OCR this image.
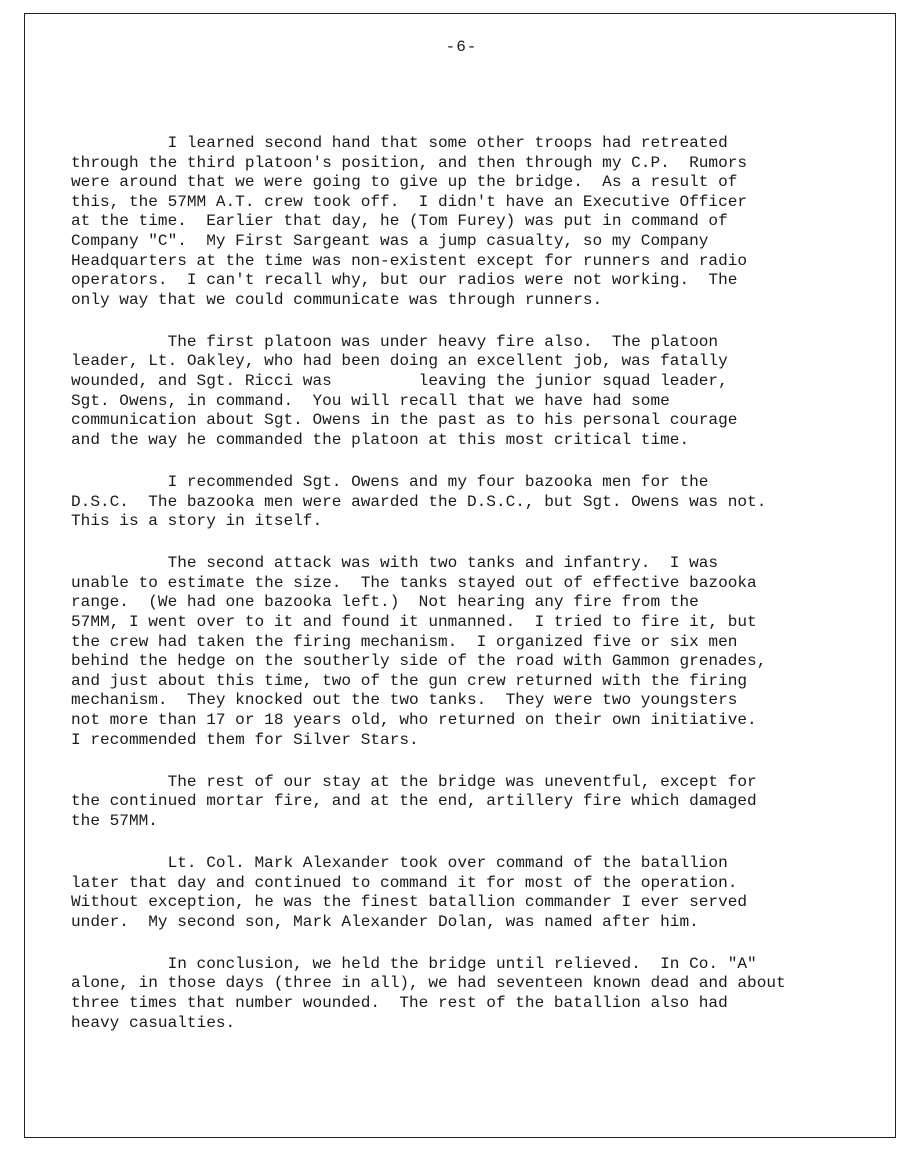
-6-

I learned second hand that some other troops had retreated
through the third platoon's position, and then through my C.P.  Rumors
were around that we were going to give up the bridge.  As a result of
this, the 57MM A.T. crew took off.  I didn't have an Executive Officer
at the time.  Earlier that day, he (Tom Furey) was put in command of
Company "C".  My First Sargeant was a jump casualty, so my Company
Headquarters at the time was non-existent except for runners and radio
operators.  I can't recall why, but our radios were not working.  The
only way that we could communicate was through runners.

The first platoon was under heavy fire also.  The platoon
leader, Lt. Oakley, who had been doing an excellent job, was fatally
wounded, and Sgt. Ricci was         leaving the junior squad leader,
Sgt. Owens, in command.  You will recall that we have had some
communication about Sgt. Owens in the past as to his personal courage
and the way he commanded the platoon at this most critical time.

I recommended Sgt. Owens and my four bazooka men for the
D.S.C.  The bazooka men were awarded the D.S.C., but Sgt. Owens was not.
This is a story in itself.

The second attack was with two tanks and infantry.  I was
unable to estimate the size.  The tanks stayed out of effective bazooka
range.  (We had one bazooka left.)  Not hearing any fire from the
57MM, I went over to it and found it unmanned.  I tried to fire it, but
the crew had taken the firing mechanism.  I organized five or six men
behind the hedge on the southerly side of the road with Gammon grenades,
and just about this time, two of the gun crew returned with the firing
mechanism.  They knocked out the two tanks.  They were two youngsters
not more than 17 or 18 years old, who returned on their own initiative.
I recommended them for Silver Stars.

The rest of our stay at the bridge was uneventful, except for
the continued mortar fire, and at the end, artillery fire which damaged
the 57MM.

Lt. Col. Mark Alexander took over command of the batallion
later that day and continued to command it for most of the operation.
Without exception, he was the finest batallion commander I ever served
under.  My second son, Mark Alexander Dolan, was named after him.

In conclusion, we held the bridge until relieved.  In Co. "A"
alone, in those days (three in all), we had seventeen known dead and about
three times that number wounded.  The rest of the batallion also had
heavy casualties.
